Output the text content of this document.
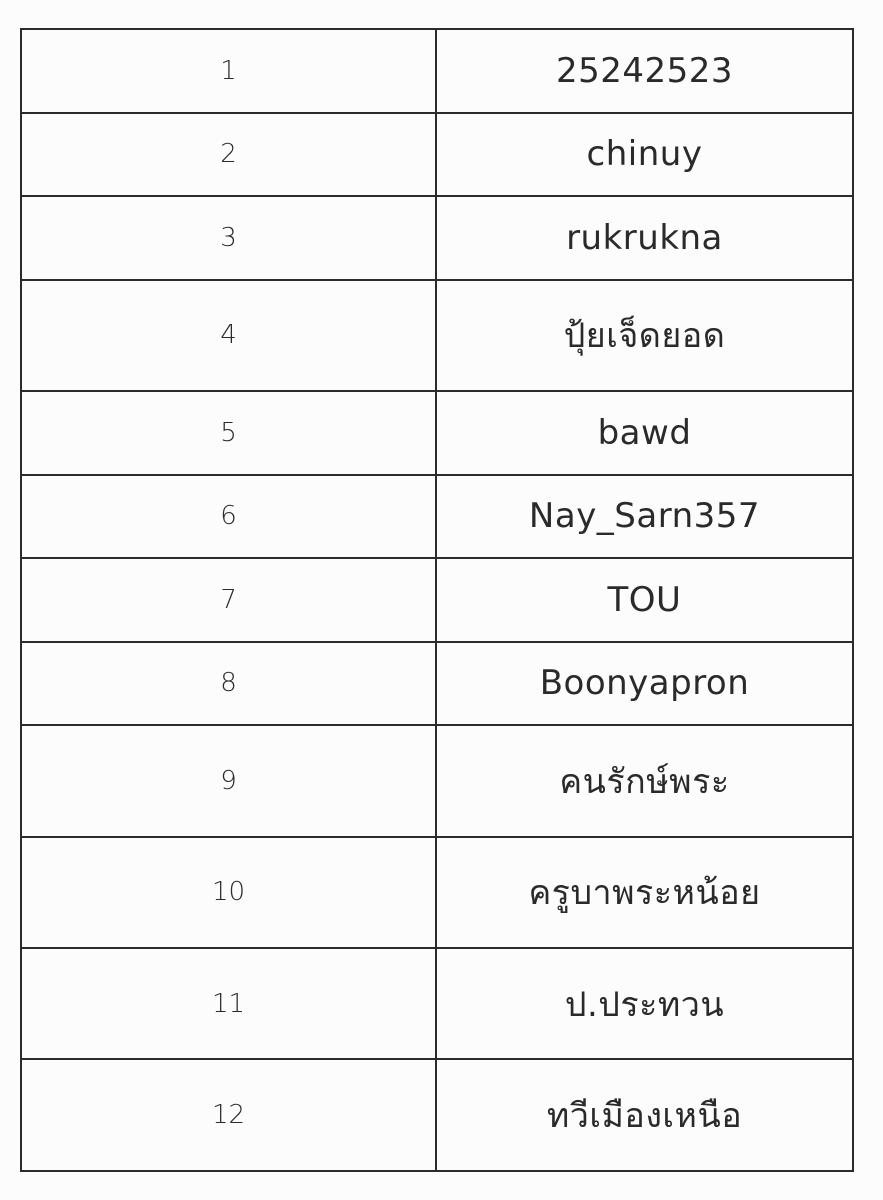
1	25242523
2	chinuy
3	rukrukna
4	ปุ้ยเจ็ดยอด
5	bawd
6	Nay_Sarn357
7	TOU
8	Boonyapron
9	คนรักษ์พระ
10	ครูบาพระหน้อย
11	ป.ประทวน
12	ทวีเมืองเหนือ
